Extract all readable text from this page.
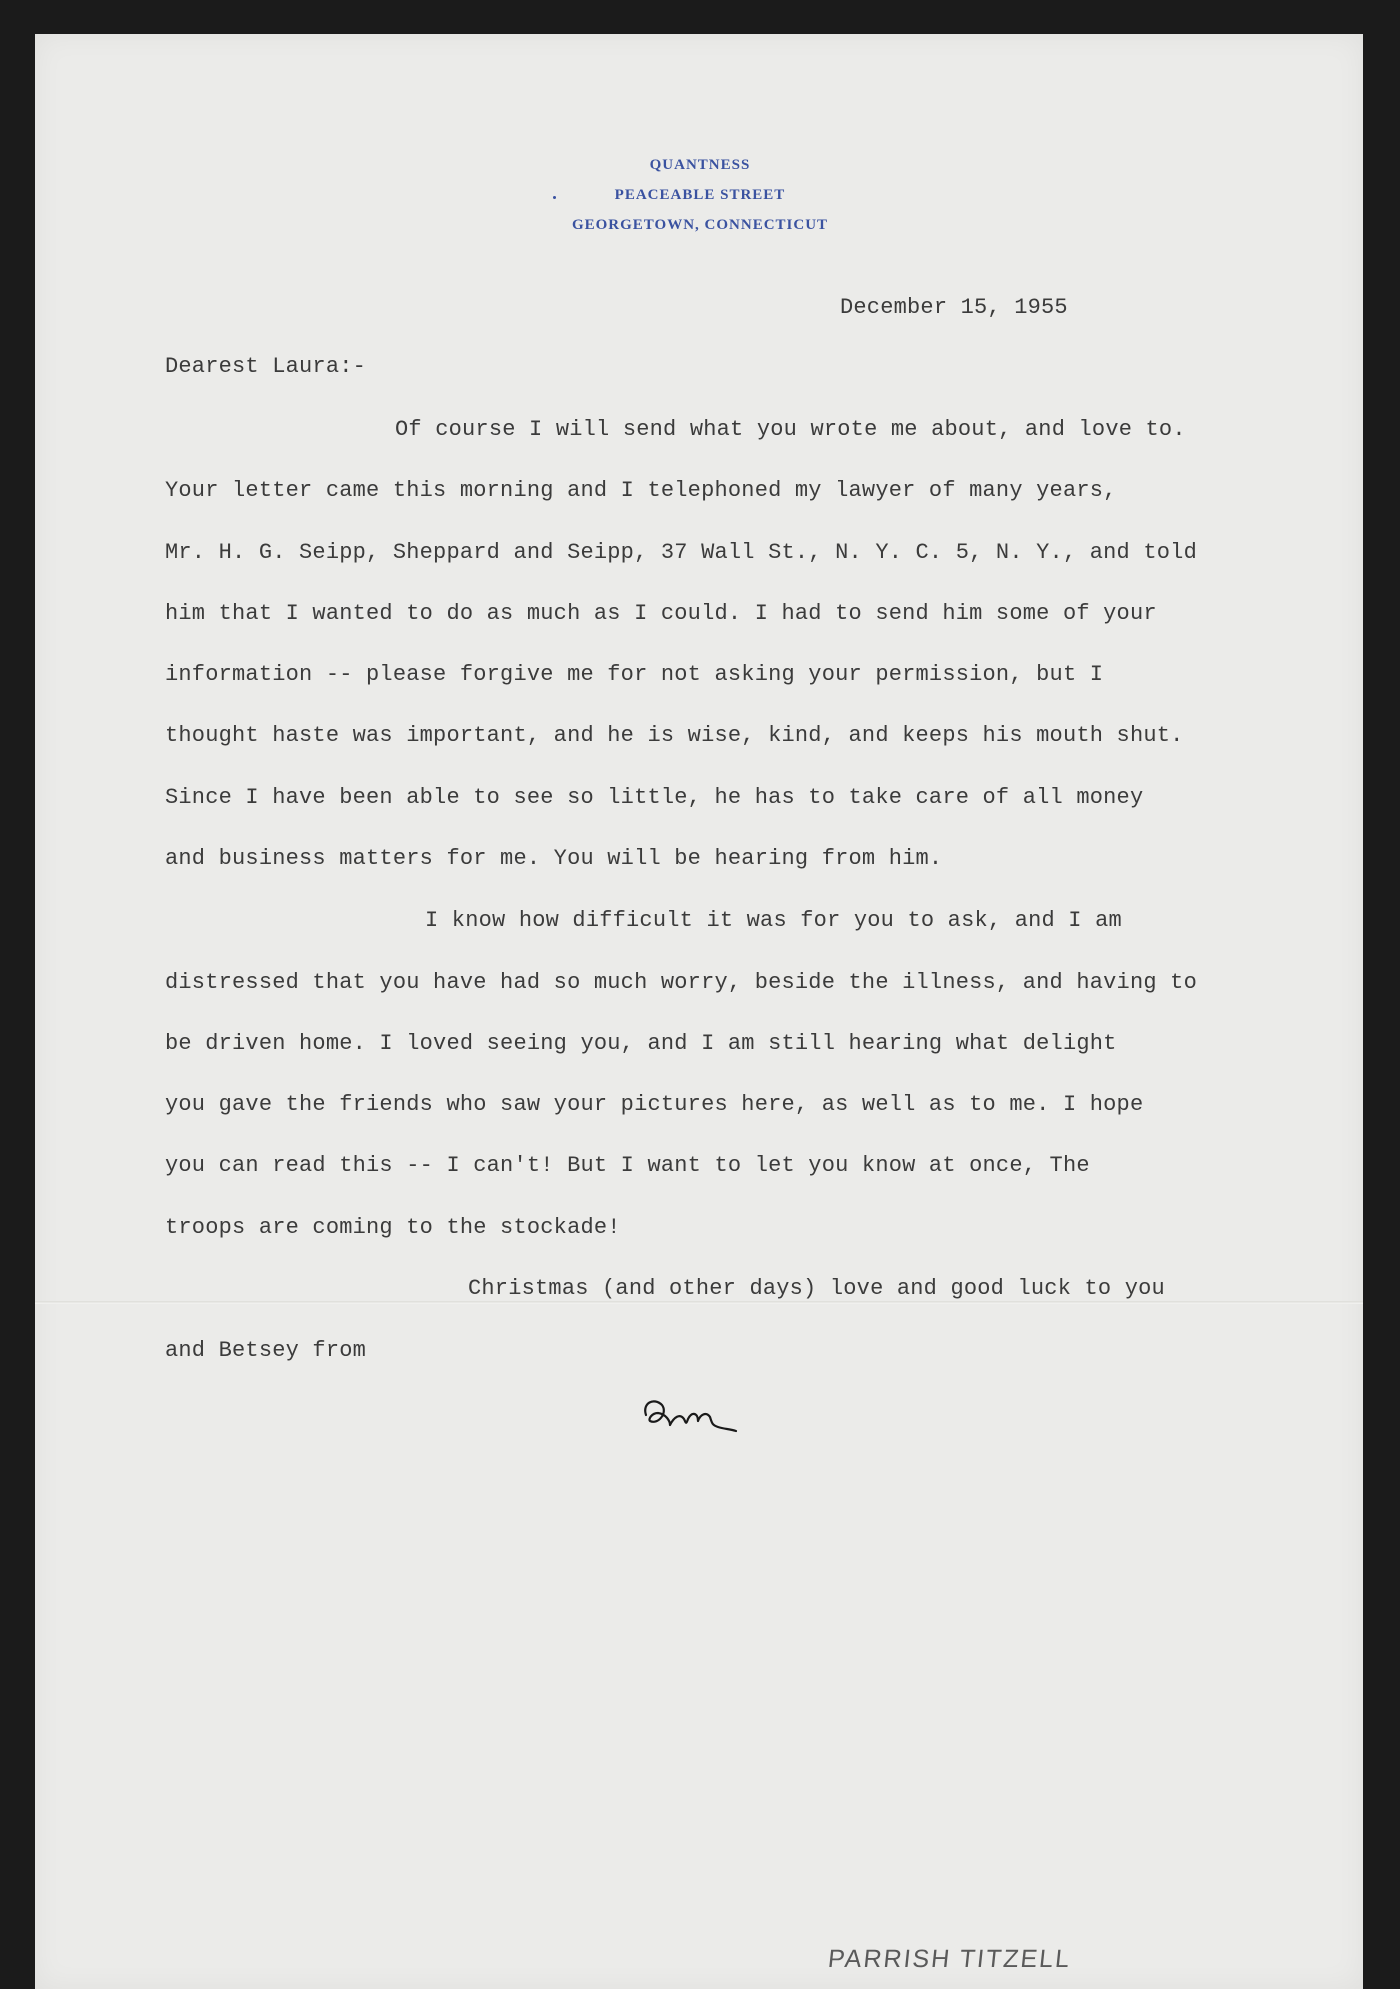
QUANTNESS
PEACEABLE STREET
GEORGETOWN, CONNECTICUT
December 15, 1955
Dearest Laura:-
Of course I will send what you wrote me about, and love to.
Your letter came this morning and I telephoned my lawyer of many years,
Mr. H. G. Seipp, Sheppard and Seipp, 37 Wall St., N. Y. C. 5, N. Y., and told
him that I wanted to do as much as I could. I had to send him some of your
information -- please forgive me for not asking your permission, but I
thought haste was important, and he is wise, kind, and keeps his mouth shut.
Since I have been able to see so little, he has to take care of all money
and business matters for me. You will be hearing from him.
I know how difficult it was for you to ask, and I am
distressed that you have had so much worry, beside the illness, and having to
be driven home. I loved seeing you, and I am still hearing what delight
you gave the friends who saw your pictures here, as well as to me. I hope
you can read this -- I can't! But I want to let you know at once, The
troops are coming to the stockade!
Christmas (and other days) love and good luck to you
and Betsey from
PARRISH TITZELL
